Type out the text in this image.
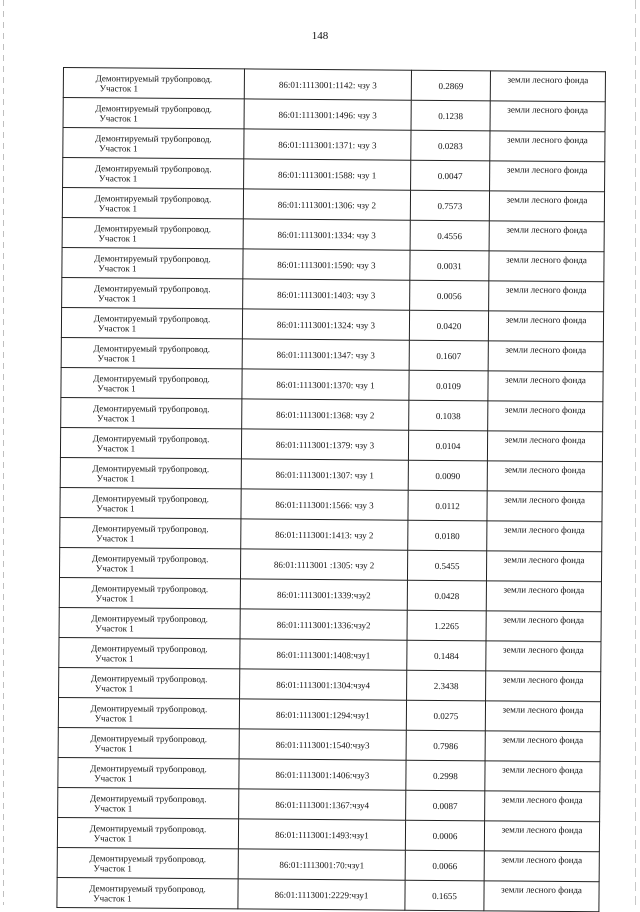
148
Демонтируемый трубопровод.
Участок 1	86:01:1113001:1142: чзу 3	0.2869	земли лесного фонда

Демонтируемый трубопровод.
Участок 1	86:01:1113001:1496: чзу 3	0.1238	земли лесного фонда

Демонтируемый трубопровод.
Участок 1	86:01:1113001:1371: чзу 3	0.0283	земли лесного фонда

Демонтируемый трубопровод.
Участок 1	86:01:1113001:1588: чзу 1	0.0047	земли лесного фонда

Демонтируемый трубопровод.
Участок 1	86:01:1113001:1306: чзу 2	0.7573	земли лесного фонда

Демонтируемый трубопровод.
Участок 1	86:01:1113001:1334: чзу 3	0.4556	земли лесного фонда

Демонтируемый трубопровод.
Участок 1	86:01:1113001:1590: чзу 3	0.0031	земли лесного фонда

Демонтируемый трубопровод.
Участок 1	86:01:1113001:1403: чзу 3	0.0056	земли лесного фонда

Демонтируемый трубопровод.
Участок 1	86:01:1113001:1324: чзу 3	0.0420	земли лесного фонда

Демонтируемый трубопровод.
Участок 1	86:01:1113001:1347: чзу 3	0.1607	земли лесного фонда

Демонтируемый трубопровод.
Участок 1	86:01:1113001:1370: чзу 1	0.0109	земли лесного фонда

Демонтируемый трубопровод.
Участок 1	86:01:1113001:1368: чзу 2	0.1038	земли лесного фонда

Демонтируемый трубопровод.
Участок 1	86:01:1113001:1379: чзу 3	0.0104	земли лесного фонда

Демонтируемый трубопровод.
Участок 1	86:01:1113001:1307: чзу 1	0.0090	земли лесного фонда

Демонтируемый трубопровод.
Участок 1	86:01:1113001:1566: чзу 3	0.0112	земли лесного фонда

Демонтируемый трубопровод.
Участок 1	86:01:1113001:1413: чзу 2	0.0180	земли лесного фонда

Демонтируемый трубопровод.
Участок 1	86:01:1113001 :1305: чзу 2	0.5455	земли лесного фонда

Демонтируемый трубопровод.
Участок 1	86:01:1113001:1339:чзу2	0.0428	земли лесного фонда

Демонтируемый трубопровод.
Участок 1	86:01:1113001:1336:чзу2	1.2265	земли лесного фонда

Демонтируемый трубопровод.
Участок 1	86:01:1113001:1408:чзу1	0.1484	земли лесного фонда

Демонтируемый трубопровод.
Участок 1	86:01:1113001:1304:чзу4	2.3438	земли лесного фонда

Демонтируемый трубопровод.
Участок 1	86:01:1113001:1294:чзу1	0.0275	земли лесного фонда

Демонтируемый трубопровод.
Участок 1	86:01:1113001:1540:чзу3	0.7986	земли лесного фонда

Демонтируемый трубопровод.
Участок 1	86:01:1113001:1406:чзу3	0.2998	земли лесного фонда

Демонтируемый трубопровод.
Участок 1	86:01:1113001:1367:чзу4	0.0087	земли лесного фонда

Демонтируемый трубопровод.
Участок 1	86:01:1113001:1493:чзу1	0.0006	земли лесного фонда

Демонтируемый трубопровод.
Участок 1	86:01:1113001:70:чзу1	0.0066	земли лесного фонда

Демонтируемый трубопровод.
Участок 1	86:01:1113001:2229:чзу1	0.1655	земли лесного фонда
